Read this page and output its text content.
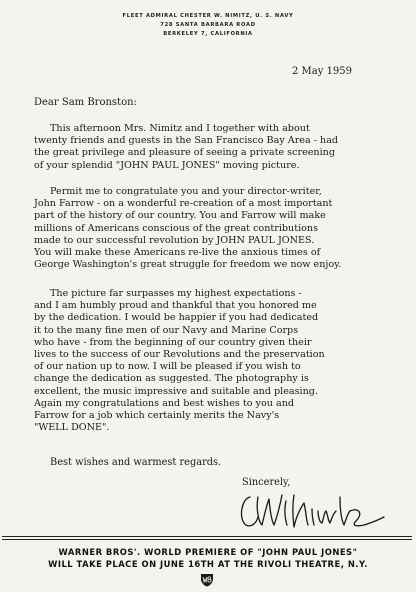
FLEET ADMIRAL CHESTER W. NIMITZ, U. S. NAVY
728 SANTA BARBARA ROAD
BERKELEY 7, CALIFORNIA
2 May 1959
Dear Sam Bronston:
This afternoon Mrs. Nimitz and I together with about
twenty friends and guests in the San Francisco Bay Area - had
the great privilege and pleasure of seeing a private screening
of your splendid "JOHN PAUL JONES" moving picture.
Permit me to congratulate you and your director-writer,
John Farrow - on a wonderful re-creation of a most important
part of the history of our country. You and Farrow will make
millions of Americans conscious of the great contributions
made to our successful revolution by JOHN PAUL JONES.
You will make these Americans re-live the anxious times of
George Washington's great struggle for freedom we now enjoy.
The picture far surpasses my highest expectations -
and I am humbly proud and thankful that you honored me
by the dedication. I would be happier if you had dedicated
it to the many fine men of our Navy and Marine Corps
who have - from the beginning of our country given their
lives to the success of our Revolutions and the preservation
of our nation up to now. I will be pleased if you wish to
change the dedication as suggested. The photography is
excellent, the music impressive and suitable and pleasing.
Again my congratulations and best wishes to you and
Farrow for a job which certainly merits the Navy's
"WELL DONE".
Best wishes and warmest regards.
Sincerely,
WARNER BROS'. WORLD PREMIERE OF "JOHN PAUL JONES"
WILL TAKE PLACE ON JUNE 16TH AT THE RIVOLI THEATRE, N.Y.
